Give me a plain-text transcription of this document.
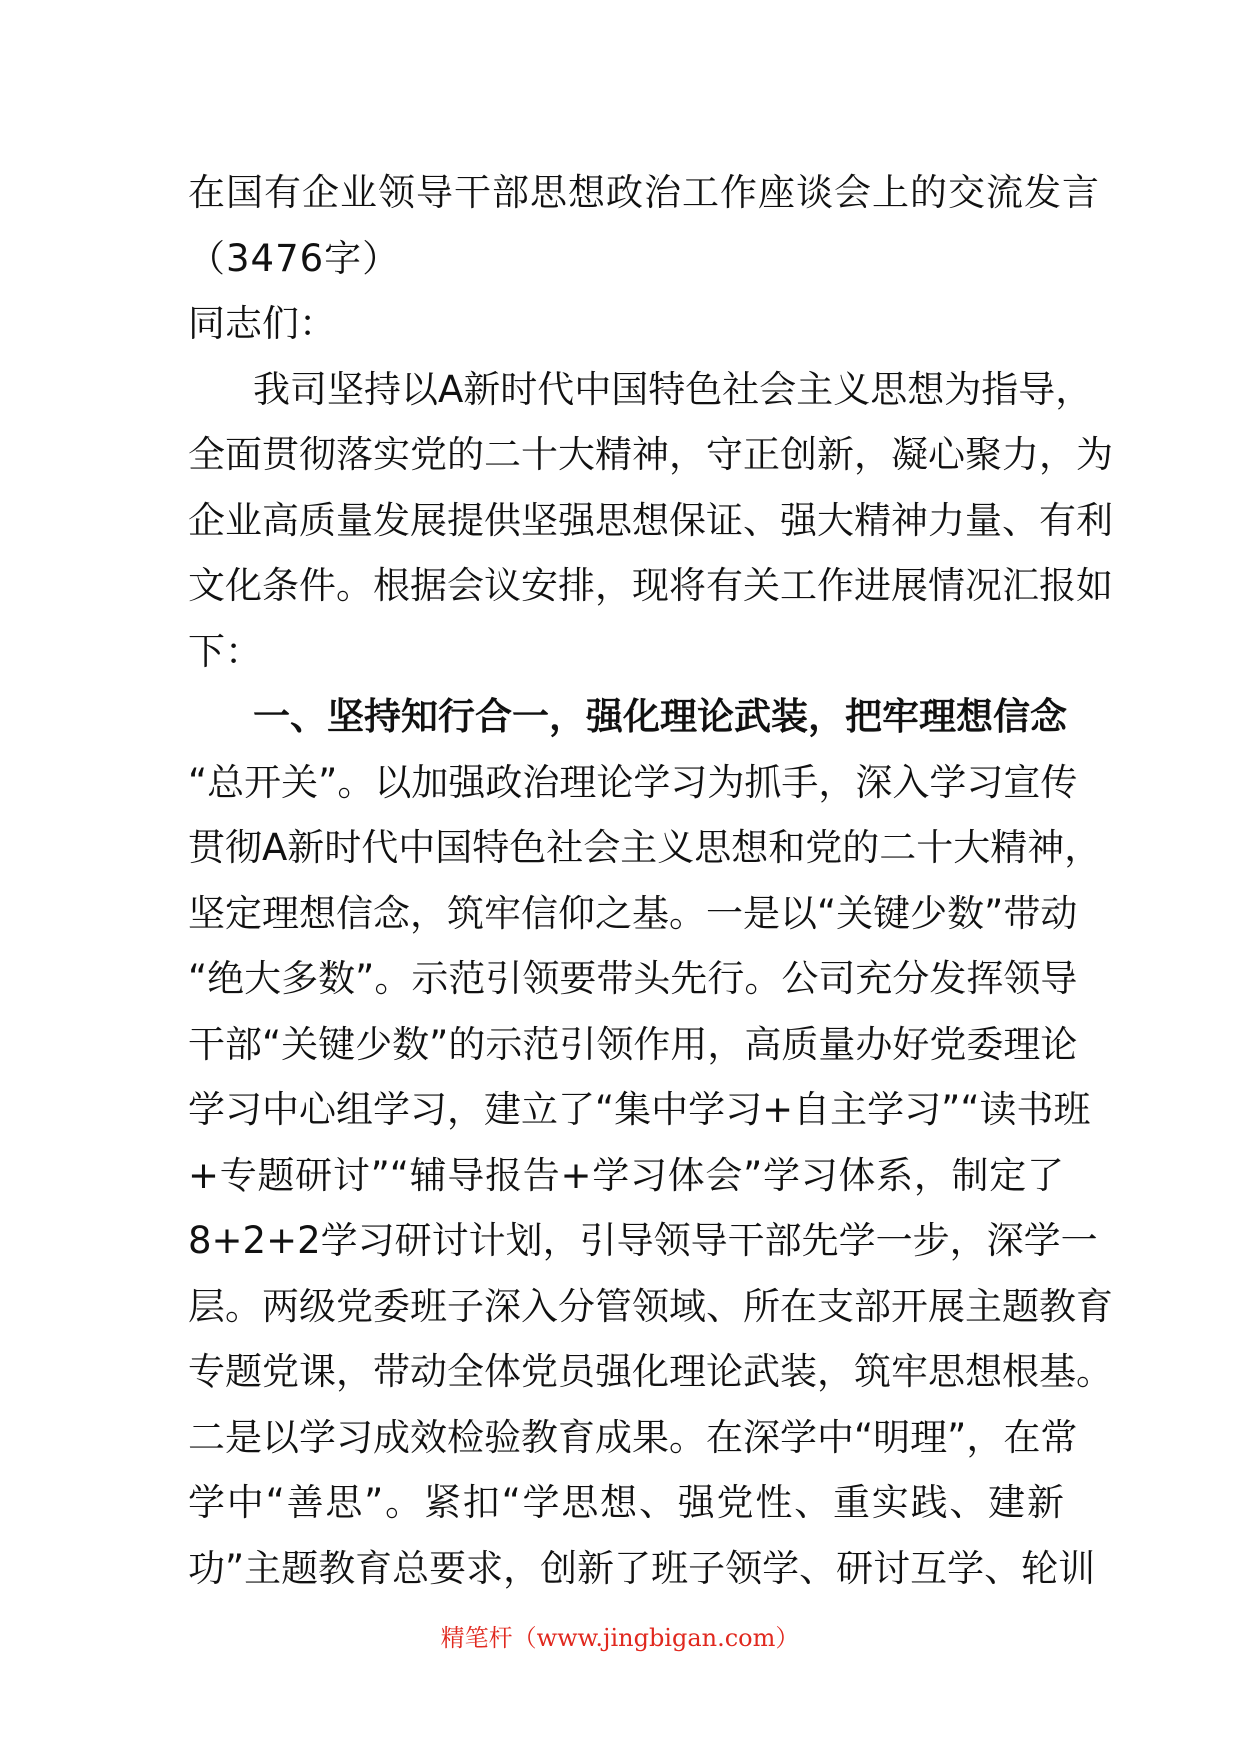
在国有企业领导干部思想政治工作座谈会上的交流发言
（3476字）
同志们：
我司坚持以A新时代中国特色社会主义思想为指导，
全面贯彻落实党的二十大精神，守正创新，凝心聚力，为
企业高质量发展提供坚强思想保证、强大精神力量、有利
文化条件。根据会议安排，现将有关工作进展情况汇报如
下：
一、坚持知行合一，强化理论武装，把牢理想信念
“总开关”。以加强政治理论学习为抓手，深入学习宣传
贯彻A新时代中国特色社会主义思想和党的二十大精神，
坚定理想信念，筑牢信仰之基。一是以“关键少数”带动
“绝大多数”。示范引领要带头先行。公司充分发挥领导
干部“关键少数”的示范引领作用，高质量办好党委理论
学习中心组学习，建立了“集中学习+自主学习”“读书班
+专题研讨”“辅导报告+学习体会”学习体系，制定了
8+2+2学习研讨计划，引导领导干部先学一步，深学一
层。两级党委班子深入分管领域、所在支部开展主题教育
专题党课，带动全体党员强化理论武装，筑牢思想根基。
二是以学习成效检验教育成果。在深学中“明理”，在常
学中“善思”。紧扣“学思想、强党性、重实践、建新
功”主题教育总要求，创新了班子领学、研讨互学、轮训
精笔杆（www.jingbigan.com）
